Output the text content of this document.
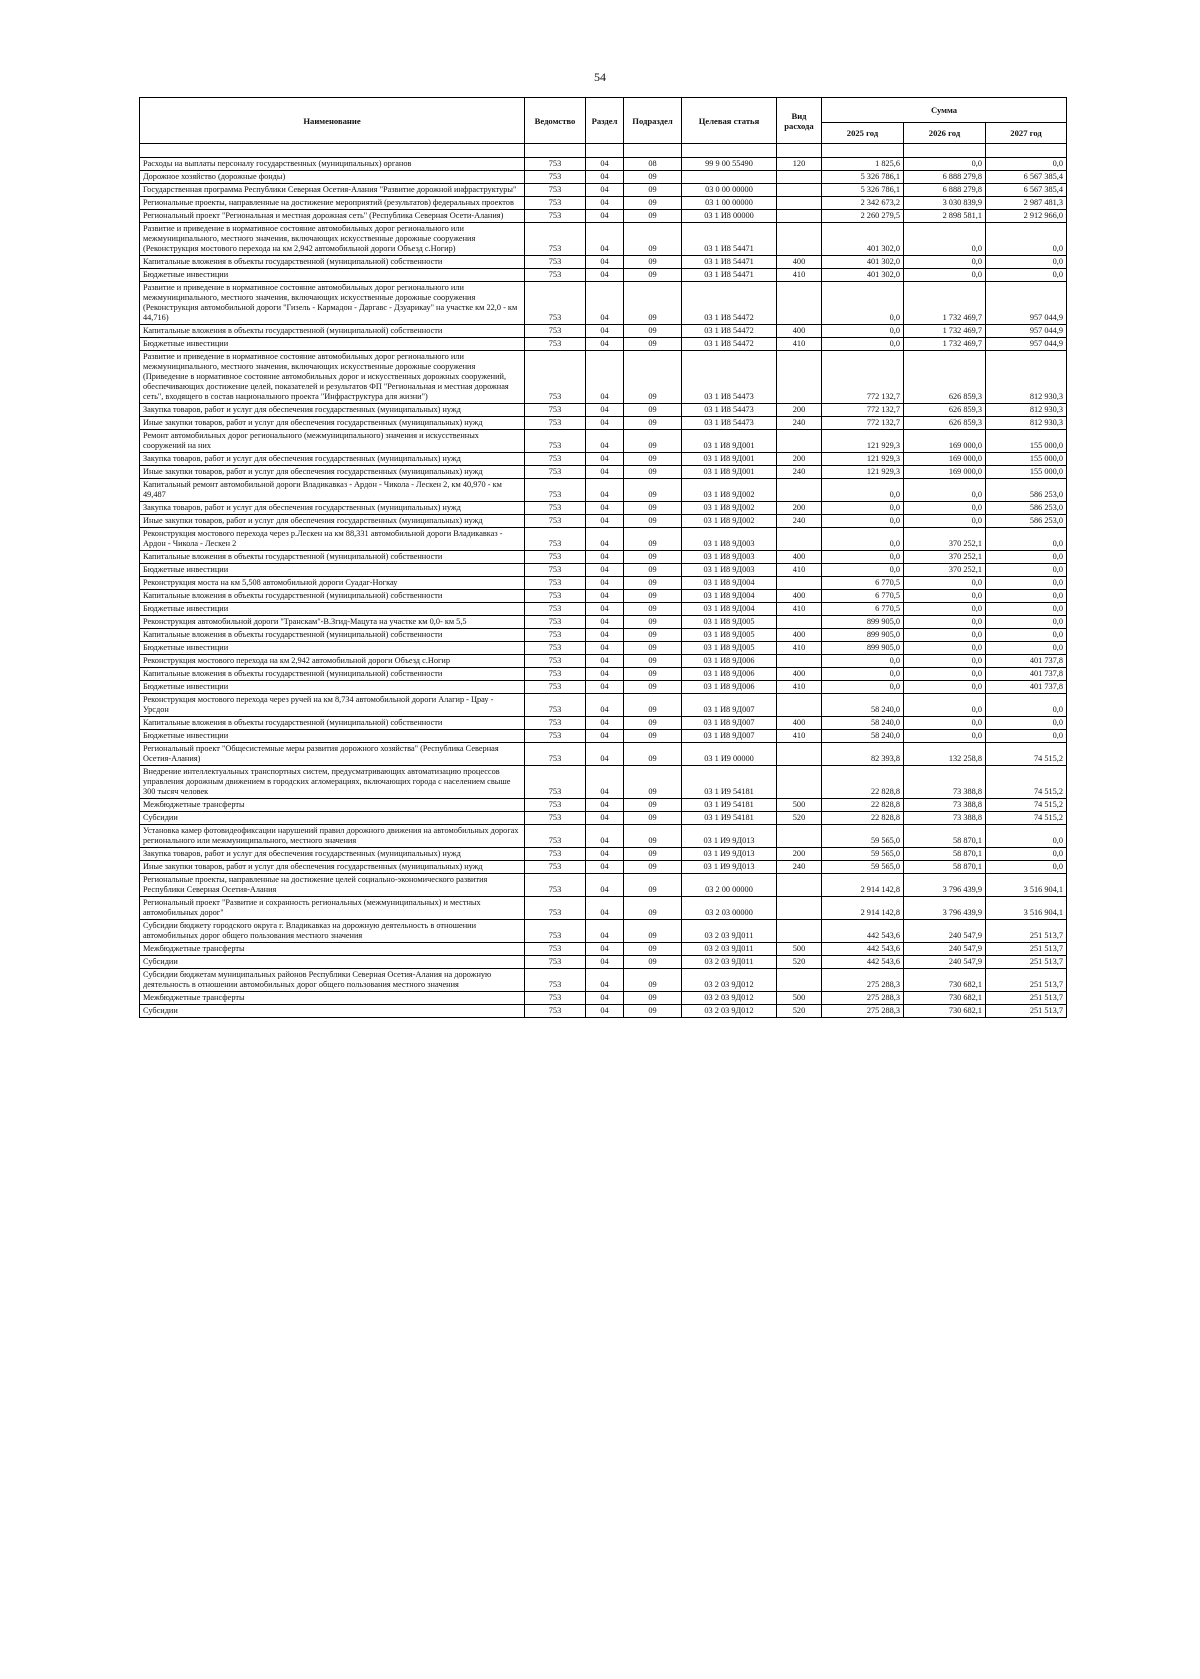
54
Наименование	Ведомство	Раздел	Подраздел	Целевая статья	Вид расхода	Сумма		
						2025 год	2026 год	2027 год

Расходы на выплаты персоналу государственных (муниципальных) органов	753	04	08	99 9 00 55490	120	1 825,6	0,0	0,0
Дорожное хозяйство (дорожные фонды)	753	04	09			5 326 786,1	6 888 279,8	6 567 385,4
Государственная программа Республики Северная Осетия-Алания "Развитие дорожной инфраструктуры"	753	04	09	03 0 00 00000		5 326 786,1	6 888 279,8	6 567 385,4
Региональные проекты, направленные на достижение мероприятий (результатов) федеральных проектов	753	04	09	03 1 00 00000		2 342 673,2	3 030 839,9	2 987 481,3
Региональный проект "Региональная и местная дорожная сеть" (Республика Северная Осети-Алания)	753	04	09	03 1 И8 00000		2 260 279,5	2 898 581,1	2 912 966,0
Развитие и приведение в нормативное состояние автомобильных дорог регионального или межмуниципального, местного значения, включающих искусственные дорожные сооружения (Реконструкция мостового перехода на км 2,942 автомобильной дороги Объезд с.Ногир)	753	04	09	03 1 И8 54471		401 302,0	0,0	0,0
Капитальные вложения в объекты государственной (муниципальной) собственности	753	04	09	03 1 И8 54471	400	401 302,0	0,0	0,0
Бюджетные инвестиции	753	04	09	03 1 И8 54471	410	401 302,0	0,0	0,0
Развитие и приведение в нормативное состояние автомобильных дорог регионального или межмуниципального, местного значения, включающих искусственные дорожные сооружения (Реконструкция автомобильной дороги "Гизель - Кармадон - Даргавс - Дзуарикау" на участке км 22,0 - км 44,716)	753	04	09	03 1 И8 54472		0,0	1 732 469,7	957 044,9
Капитальные вложения в объекты государственной (муниципальной) собственности	753	04	09	03 1 И8 54472	400	0,0	1 732 469,7	957 044,9
Бюджетные инвестиции	753	04	09	03 1 И8 54472	410	0,0	1 732 469,7	957 044,9
Развитие и приведение в нормативное состояние автомобильных дорог регионального или межмуниципального, местного значения, включающих искусственные дорожные сооружения (Приведение в нормативное состояние автомобильных дорог и искусственных дорожных сооружений, обеспечивающих достижение целей, показателей и результатов ФП "Региональная и местная дорожная сеть", входящего в состав национального проекта "Инфраструктура для жизни")	753	04	09	03 1 И8 54473		772 132,7	626 859,3	812 930,3
Закупка товаров, работ и услуг для обеспечения государственных (муниципальных) нужд	753	04	09	03 1 И8 54473	200	772 132,7	626 859,3	812 930,3
Иные закупки товаров, работ и услуг для обеспечения государственных (муниципальных) нужд	753	04	09	03 1 И8 54473	240	772 132,7	626 859,3	812 930,3
Ремонт автомобильных дорог регионального (межмуниципального) значения и искусственных сооружений на них	753	04	09	03 1 И8 9Д001		121 929,3	169 000,0	155 000,0
Закупка товаров, работ и услуг для обеспечения государственных (муниципальных) нужд	753	04	09	03 1 И8 9Д001	200	121 929,3	169 000,0	155 000,0
Иные закупки товаров, работ и услуг для обеспечения государственных (муниципальных) нужд	753	04	09	03 1 И8 9Д001	240	121 929,3	169 000,0	155 000,0
Капитальный ремонт автомобильной дороги Владикавказ - Ардон - Чикола - Лескен 2, км 40,970 - км 49,487	753	04	09	03 1 И8 9Д002		0,0	0,0	586 253,0
Закупка товаров, работ и услуг для обеспечения государственных (муниципальных) нужд	753	04	09	03 1 И8 9Д002	200	0,0	0,0	586 253,0
Иные закупки товаров, работ и услуг для обеспечения государственных (муниципальных) нужд	753	04	09	03 1 И8 9Д002	240	0,0	0,0	586 253,0
Реконструкция мостового перехода через р.Лескен на км 88,331 автомобильной дороги Владикавказ - Ардон - Чикола - Лескен 2	753	04	09	03 1 И8 9Д003		0,0	370 252,1	0,0
Капитальные вложения в объекты государственной (муниципальной) собственности	753	04	09	03 1 И8 9Д003	400	0,0	370 252,1	0,0
Бюджетные инвестиции	753	04	09	03 1 И8 9Д003	410	0,0	370 252,1	0,0
Реконструкция моста на км 5,508 автомобильной дороги Суадаг-Ногкау	753	04	09	03 1 И8 9Д004		6 770,5	0,0	0,0
Капитальные вложения в объекты государственной (муниципальной) собственности	753	04	09	03 1 И8 9Д004	400	6 770,5	0,0	0,0
Бюджетные инвестиции	753	04	09	03 1 И8 9Д004	410	6 770,5	0,0	0,0
Реконструкция автомобильной дороги "Транскам"-В.Згид-Мацута на участке км 0,0- км 5,5	753	04	09	03 1 И8 9Д005		899 905,0	0,0	0,0
Капитальные вложения в объекты государственной (муниципальной) собственности	753	04	09	03 1 И8 9Д005	400	899 905,0	0,0	0,0
Бюджетные инвестиции	753	04	09	03 1 И8 9Д005	410	899 905,0	0,0	0,0
Реконструкция мостового перехода на км 2,942 автомобильной дороги Объезд с.Ногир	753	04	09	03 1 И8 9Д006		0,0	0,0	401 737,8
Капитальные вложения в объекты государственной (муниципальной) собственности	753	04	09	03 1 И8 9Д006	400	0,0	0,0	401 737,8
Бюджетные инвестиции	753	04	09	03 1 И8 9Д006	410	0,0	0,0	401 737,8
Реконструкция мостового перехода через ручей на км 8,734 автомобильной дороги Алагир - Црау - Урсдон	753	04	09	03 1 И8 9Д007		58 240,0	0,0	0,0
Капитальные вложения в объекты государственной (муниципальной) собственности	753	04	09	03 1 И8 9Д007	400	58 240,0	0,0	0,0
Бюджетные инвестиции	753	04	09	03 1 И8 9Д007	410	58 240,0	0,0	0,0
Региональный проект "Общесистемные меры развития дорожного хозяйства" (Республика Северная Осетия-Алания)	753	04	09	03 1 И9 00000		82 393,8	132 258,8	74 515,2
Внедрение интеллектуальных транспортных систем, предусматривающих автоматизацию процессов управления дорожным движением в городских агломерациях, включающих города с населением свыше 300 тысяч человек	753	04	09	03 1 И9 54181		22 828,8	73 388,8	74 515,2
Межбюджетные трансферты	753	04	09	03 1 И9 54181	500	22 828,8	73 388,8	74 515,2
Субсидии	753	04	09	03 1 И9 54181	520	22 828,8	73 388,8	74 515,2
Установка камер фотовидеофиксации нарушений правил дорожного движения на автомобильных дорогах регионального или межмуниципального, местного значения	753	04	09	03 1 И9 9Д013		59 565,0	58 870,1	0,0
Закупка товаров, работ и услуг для обеспечения государственных (муниципальных) нужд	753	04	09	03 1 И9 9Д013	200	59 565,0	58 870,1	0,0
Иные закупки товаров, работ и услуг для обеспечения государственных (муниципальных) нужд	753	04	09	03 1 И9 9Д013	240	59 565,0	58 870,1	0,0
Региональные проекты, направленные на достижение целей социально-экономического развития Республики Северная Осетия-Алания	753	04	09	03 2 00 00000		2 914 142,8	3 796 439,9	3 516 904,1
Региональный проект "Развитие и сохранность региональных (межмуниципальных) и местных автомобильных дорог"	753	04	09	03 2 03 00000		2 914 142,8	3 796 439,9	3 516 904,1
Субсидии бюджету городского округа г. Владикавказ на дорожную деятельность в отношении автомобильных дорог общего пользования местного значения	753	04	09	03 2 03 9Д011		442 543,6	240 547,9	251 513,7
Межбюджетные трансферты	753	04	09	03 2 03 9Д011	500	442 543,6	240 547,9	251 513,7
Субсидии	753	04	09	03 2 03 9Д011	520	442 543,6	240 547,9	251 513,7
Субсидии бюджетам муниципальных районов Республики Северная Осетия-Алания на дорожную деятельность в отношении автомобильных дорог общего пользования местного значения	753	04	09	03 2 03 9Д012		275 288,3	730 682,1	251 513,7
Межбюджетные трансферты	753	04	09	03 2 03 9Д012	500	275 288,3	730 682,1	251 513,7
Субсидии	753	04	09	03 2 03 9Д012	520	275 288,3	730 682,1	251 513,7
